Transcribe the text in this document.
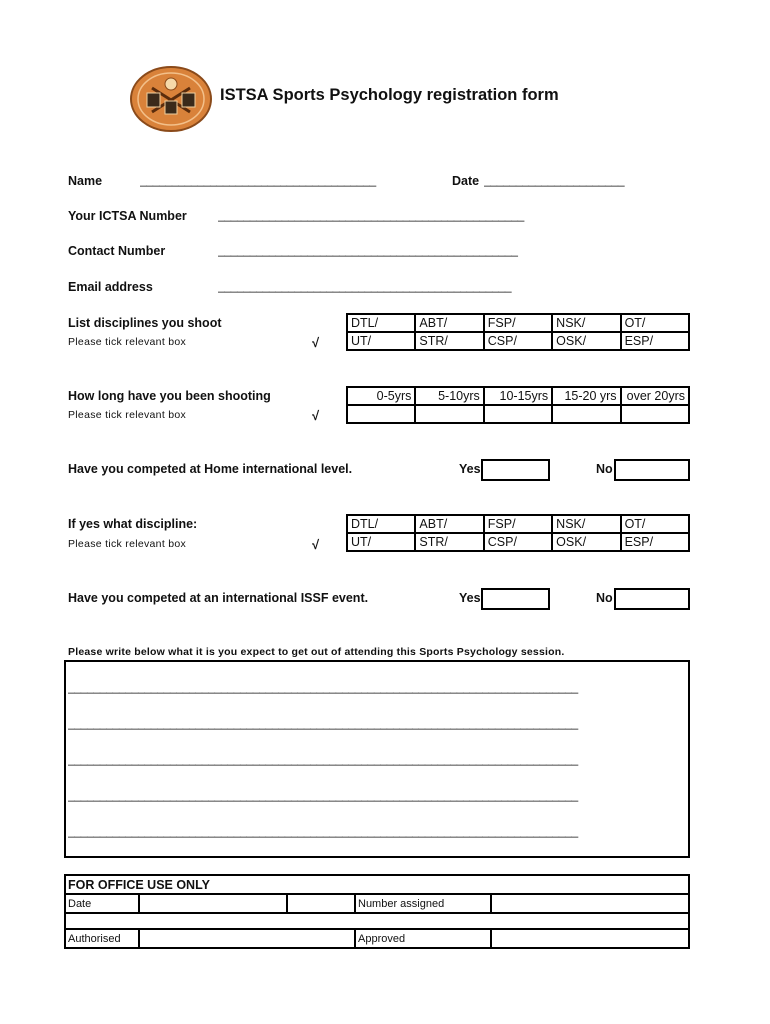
ISTSA Sports Psychology registration form
Name	_____________________________________	Date ______________________
Your ICTSA Number	________________________________________________
Contact Number	_______________________________________________
Email address	______________________________________________
List disciplines you shoot
Please tick relevant box	√
DTL/	ABT/	FSP/	NSK/	OT/
UT/	STR/	CSP/	OSK/	ESP/
How long have you been shooting
Please tick relevant box	√
0-5yrs	5-10yrs	10-15yrs	15-20 yrs	over 20yrs

Have you competed at Home international level.	Yes	No
If yes what discipline:
Please tick relevant box	√
DTL/	ABT/	FSP/	NSK/	OT/
UT/	STR/	CSP/	OSK/	ESP/
Have you competed at an international ISSF event.	Yes	No
Please write below what it is you expect to get out of attending this Sports Psychology session.
________________________________________________________________________________
________________________________________________________________________________
________________________________________________________________________________
________________________________________________________________________________
________________________________________________________________________________
FOR OFFICE USE ONLY				
Date			Number assigned	

Authorised			Approved	
